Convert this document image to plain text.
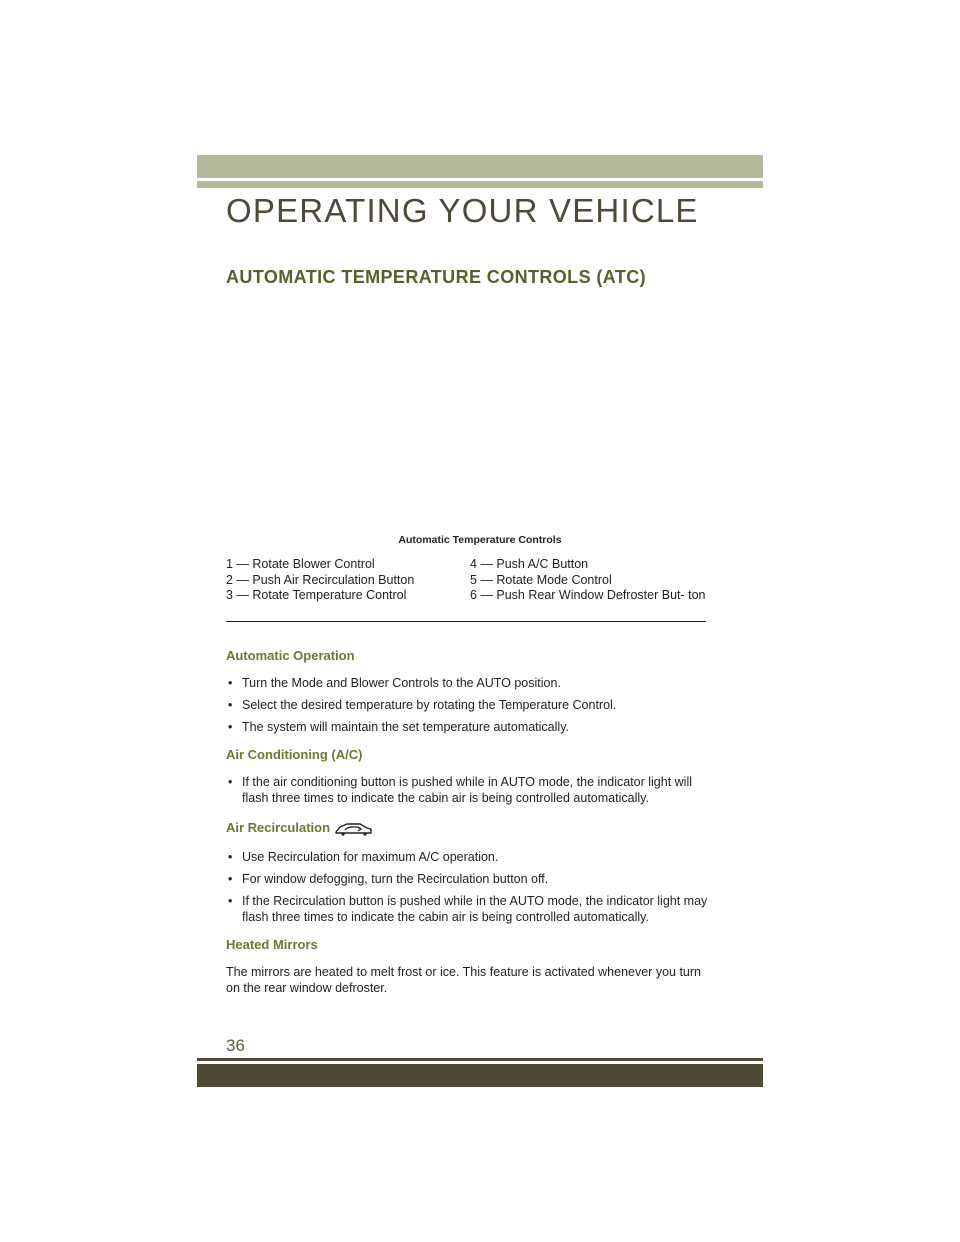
OPERATING YOUR VEHICLE
AUTOMATIC TEMPERATURE CONTROLS (ATC)
Automatic Temperature Controls
1 — Rotate Blower Control
2 — Push Air Recirculation Button
3 — Rotate Temperature Control
4 — Push A/C Button
5 — Rotate Mode Control
6 — Push Rear Window Defroster But- ton
Automatic Operation
• Turn the Mode and Blower Controls to the AUTO position.
• Select the desired temperature by rotating the Temperature Control.
• The system will maintain the set temperature automatically.
Air Conditioning (A/C)
• If the air conditioning button is pushed while in AUTO mode, the indicator light will flash three times to indicate the cabin air is being controlled automatically.
Air Recirculation
• Use Recirculation for maximum A/C operation.
• For window defogging, turn the Recirculation button off.
• If the Recirculation button is pushed while in the AUTO mode, the indicator light may flash three times to indicate the cabin air is being controlled automatically.
Heated Mirrors

The mirrors are heated to melt frost or ice. This feature is activated whenever you turn on the rear window defroster.

36
